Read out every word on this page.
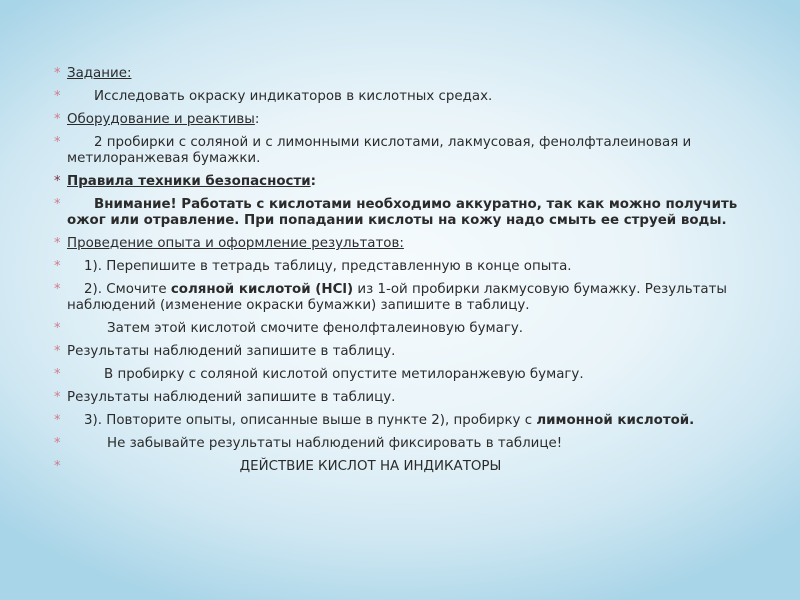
* Задание:
*	Исследовать окраску индикаторов в кислотных средах.
* Оборудование и реактивы:
*	2 пробирки с соляной и с лимонными кислотами, лакмусовая, фенолфталеиновая и метилоранжевая бумажки.
* Правила техники безопасности:
*	Внимание! Работать с кислотами необходимо аккуратно, так как можно получить ожог или отравление. При попадании кислоты на кожу надо смыть ее струей воды.
* Проведение опыта и оформление результатов:
* 1). Перепишите в тетрадь таблицу, представленную в конце опыта.
* 2). Смочите соляной кислотой (HCl) из 1-ой пробирки лакмусовую бумажку. Результаты наблюдений (изменение окраски бумажки) запишите в таблицу.
*	Затем этой кислотой смочите фенолфталеиновую бумагу.
* Результаты наблюдений запишите в таблицу.
*	В пробирку с соляной кислотой опустите метилоранжевую бумагу.
* Результаты наблюдений запишите в таблицу.
* 3). Повторите опыты, описанные выше в пункте 2), пробирку с лимонной кислотой.
*	Не забывайте результаты наблюдений фиксировать в таблице!
*	ДЕЙСТВИЕ КИСЛОТ НА ИНДИКАТОРЫ
